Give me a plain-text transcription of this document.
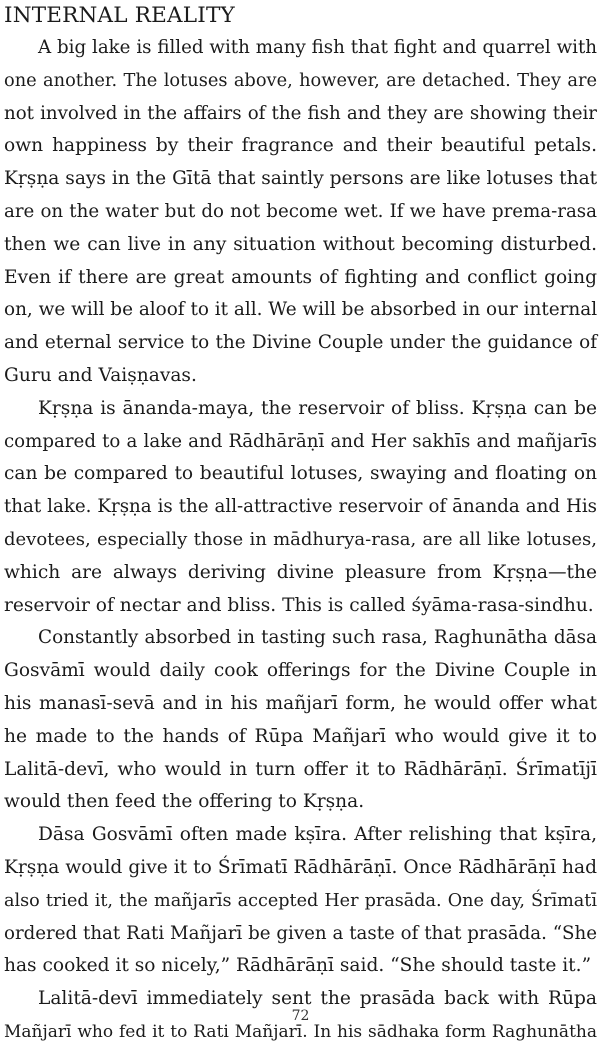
INTERNAL REALITY
A big lake is filled with many fish that fight and quarrel with
one another. The lotuses above, however, are detached. They are
not involved in the affairs of the fish and they are showing their
own happiness by their fragrance and their beautiful petals.
Kṛṣṇa says in the Gītā that saintly persons are like lotuses that
are on the water but do not become wet. If we have prema-rasa
then we can live in any situation without becoming disturbed.
Even if there are great amounts of fighting and conflict going
on, we will be aloof to it all. We will be absorbed in our internal
and eternal service to the Divine Couple under the guidance of
Guru and Vaiṣṇavas.
Kṛṣṇa is ānanda-maya, the reservoir of bliss. Kṛṣṇa can be
compared to a lake and Rādhārāṇī and Her sakhīs and mañjarīs
can be compared to beautiful lotuses, swaying and floating on
that lake. Kṛṣṇa is the all-attractive reservoir of ānanda and His
devotees, especially those in mādhurya-rasa, are all like lotuses,
which are always deriving divine pleasure from Kṛṣṇa—the
reservoir of nectar and bliss. This is called śyāma-rasa-sindhu.
Constantly absorbed in tasting such rasa, Raghunātha dāsa
Gosvāmī would daily cook offerings for the Divine Couple in
his manasī-sevā and in his mañjarī form, he would offer what
he made to the hands of Rūpa Mañjarī who would give it to
Lalitā-devī, who would in turn offer it to Rādhārāṇī. Śrīmatījī
would then feed the offering to Kṛṣṇa.
Dāsa Gosvāmī often made kṣīra. After relishing that kṣīra,
Kṛṣṇa would give it to Śrīmatī Rādhārāṇī. Once Rādhārāṇī had
also tried it, the mañjarīs accepted Her prasāda. One day, Śrīmatī
ordered that Rati Mañjarī be given a taste of that prasāda. “She
has cooked it so nicely,” Rādhārāṇī said. “She should taste it.”
Lalitā-devī immediately sent the prasāda back with Rūpa
Mañjarī who fed it to Rati Mañjarī. In his sādhaka form Raghunātha
72
